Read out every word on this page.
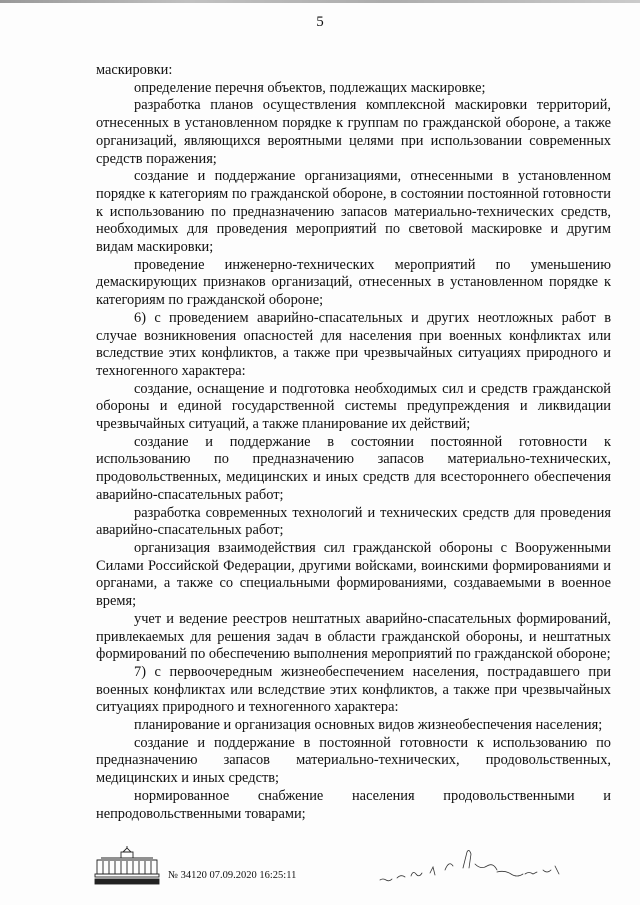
5

маскировки:

определение перечня объектов, подлежащих маскировке;

разработка планов осуществления комплексной маскировки территорий, отнесенных в установленном порядке к группам по гражданской обороне, а также организаций, являющихся вероятными целями при использовании современных средств поражения;

создание и поддержание организациями, отнесенными в установленном порядке к категориям по гражданской обороне, в состоянии постоянной готовности к использованию по предназначению запасов материально-технических средств, необходимых для проведения мероприятий по световой маскировке и другим видам маскировки;

проведение инженерно-технических мероприятий по уменьшению демаскирующих признаков организаций, отнесенных в установленном порядке к категориям по гражданской обороне;

6) с проведением аварийно-спасательных и других неотложных работ в случае возникновения опасностей для населения при военных конфликтах или вследствие этих конфликтов, а также при чрезвычайных ситуациях природного и техногенного характера:

создание, оснащение и подготовка необходимых сил и средств гражданской обороны и единой государственной системы предупреждения и ликвидации чрезвычайных ситуаций, а также планирование их действий;

создание и поддержание в состоянии постоянной готовности к использованию по предназначению запасов материально-технических, продовольственных, медицинских и иных средств для всестороннего обеспечения аварийно-спасательных работ;

разработка современных технологий и технических средств для проведения аварийно-спасательных работ;

организация взаимодействия сил гражданской обороны с Вооруженными Силами Российской Федерации, другими войсками, воинскими формированиями и органами, а также со специальными формированиями, создаваемыми в военное время;

учет и ведение реестров нештатных аварийно-спасательных формирований, привлекаемых для решения задач в области гражданской обороны, и нештатных формирований по обеспечению выполнения мероприятий по гражданской обороне;

7) с первоочередным жизнеобеспечением населения, пострадавшего при военных конфликтах или вследствие этих конфликтов, а также при чрезвычайных ситуациях природного и техногенного характера:

планирование и организация основных видов жизнеобеспечения населения;

создание и поддержание в постоянной готовности к использованию по предназначению запасов материально-технических, продовольственных, медицинских и иных средств;

нормированное снабжение населения продовольственными и непродовольственными товарами;

№ 34120 07.09.2020 16:25:11
